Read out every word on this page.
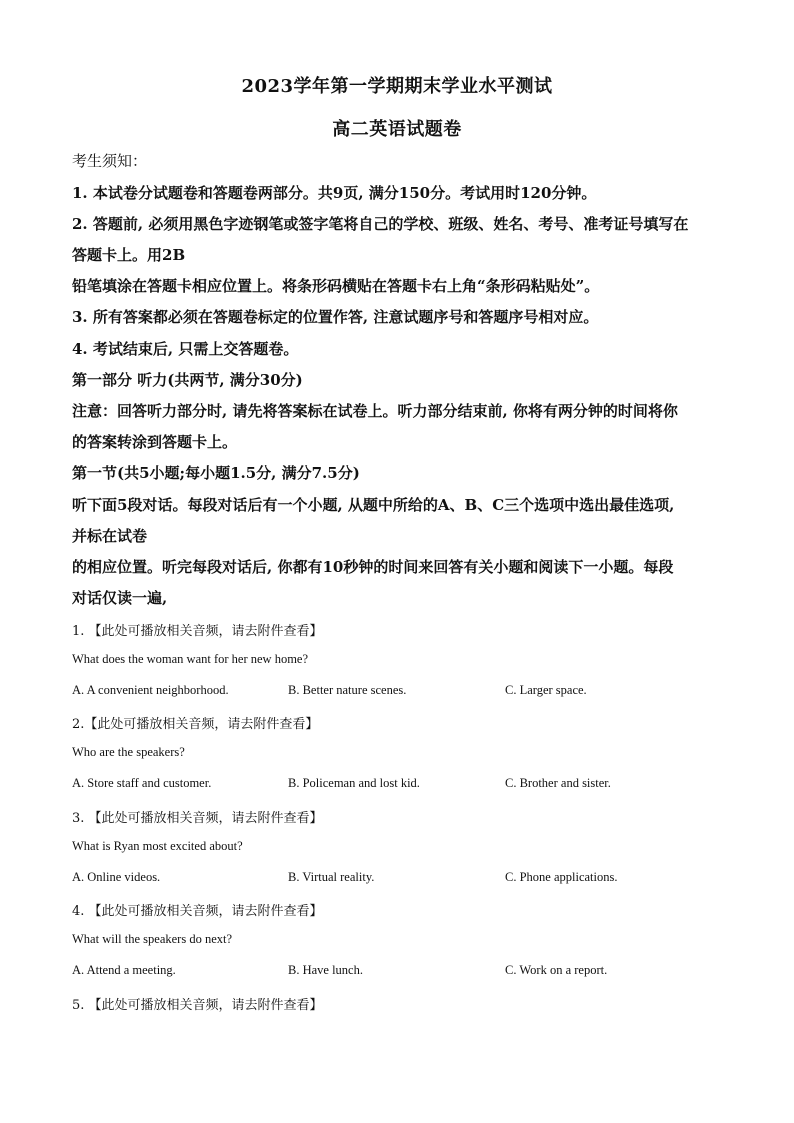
2023学年第一学期期末学业水平测试
高二英语试题卷
考生须知：
1. 本试卷分试题卷和答题卷两部分。共9页, 满分150分。考试用时120分钟。
2. 答题前, 必须用黑色字迹钢笔或签字笔将自己的学校、班级、姓名、考号、准考证号填写在
答题卡上。用2B
铅笔填涂在答题卡相应位置上。将条形码横贴在答题卡右上角“条形码粘贴处”。
3. 所有答案都必须在答题卷标定的位置作答, 注意试题序号和答题序号相对应。
4. 考试结束后, 只需上交答题卷。
第一部分 听力(共两节, 满分30分)
注意：回答听力部分时, 请先将答案标在试卷上。听力部分结束前, 你将有两分钟的时间将你
的答案转涂到答题卡上。
第一节(共5小题;每小题1.5分, 满分7.5分)
听下面5段对话。每段对话后有一个小题, 从题中所给的A、B、C三个选项中选出最佳选项,
并标在试卷
的相应位置。听完每段对话后, 你都有10秒钟的时间来回答有关小题和阅读下一小题。每段
对话仅读一遍,
1. 【此处可播放相关音频，请去附件查看】
What does the woman want for her new home?
A. A convenient neighborhood.	B. Better nature scenes.	C. Larger space.
2.【此处可播放相关音频，请去附件查看】
Who are the speakers?
A. Store staff and customer.	B. Policeman and lost kid.	C. Brother and sister.
3. 【此处可播放相关音频，请去附件查看】
What is Ryan most excited about?
A. Online videos.	B. Virtual reality.	C. Phone applications.
4. 【此处可播放相关音频，请去附件查看】
What will the speakers do next?
A. Attend a meeting.	B. Have lunch.	C. Work on a report.
5. 【此处可播放相关音频，请去附件查看】
